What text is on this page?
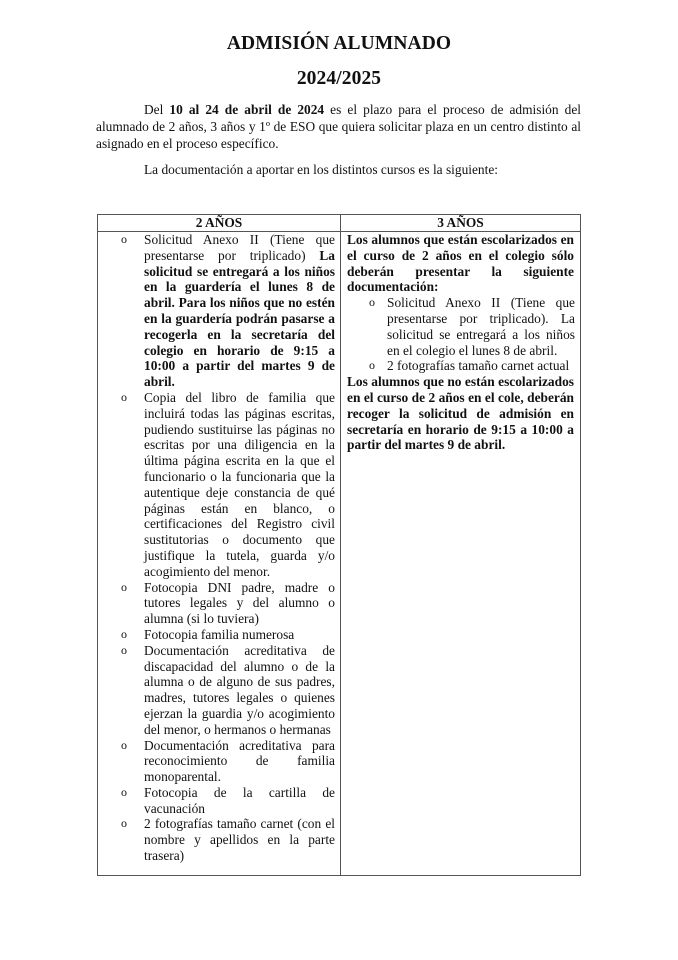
ADMISIÓN ALUMNADO
2024/2025

Del 10 al 24 de abril de 2024 es el plazo para el proceso de admisión del alumnado de 2 años, 3 años y 1º de ESO que quiera solicitar plaza en un centro distinto al asignado en el proceso específico.

La documentación a aportar en los distintos cursos es la siguiente:

2 AÑOS	3 AÑOS
o Solicitud Anexo II (Tiene que presentarse por triplicado) La solicitud se entregará a los niños en la guardería el lunes 8 de abril. Para los niños que no estén en la guardería podrán pasarse a recogerla en la secretaría del colegio en horario de 9:15 a 10:00 a partir del martes 9 de abril.
o Copia del libro de familia que incluirá todas las páginas escritas, pudiendo sustituirse las páginas no escritas por una diligencia en la última página escrita en la que el funcionario o la funcionaria que la autentique deje constancia de qué páginas están en blanco, o certificaciones del Registro civil sustitutorias o documento que justifique la tutela, guarda y/o acogimiento del menor.
o Fotocopia DNI padre, madre o tutores legales y del alumno o alumna (si lo tuviera)
o Fotocopia familia numerosa
o Documentación acreditativa de discapacidad del alumno o de la alumna o de alguno de sus padres, madres, tutores legales o quienes ejerzan la guardia y/o acogimiento del menor, o hermanos o hermanas
o Documentación acreditativa para reconocimiento de familia monoparental.
o Fotocopia de la cartilla de vacunación
o 2 fotografías tamaño carnet (con el nombre y apellidos en la parte trasera)

Los alumnos que están escolarizados en el curso de 2 años en el colegio sólo deberán presentar la siguiente documentación:

o Solicitud Anexo II (Tiene que presentarse por triplicado). La solicitud se entregará a los niños en el colegio el lunes 8 de abril.
o 2 fotografías tamaño carnet actual

Los alumnos que no están escolarizados en el curso de 2 años en el cole, deberán recoger la solicitud de admisión en secretaría en horario de 9:15 a 10:00 a partir del martes 9 de abril.
